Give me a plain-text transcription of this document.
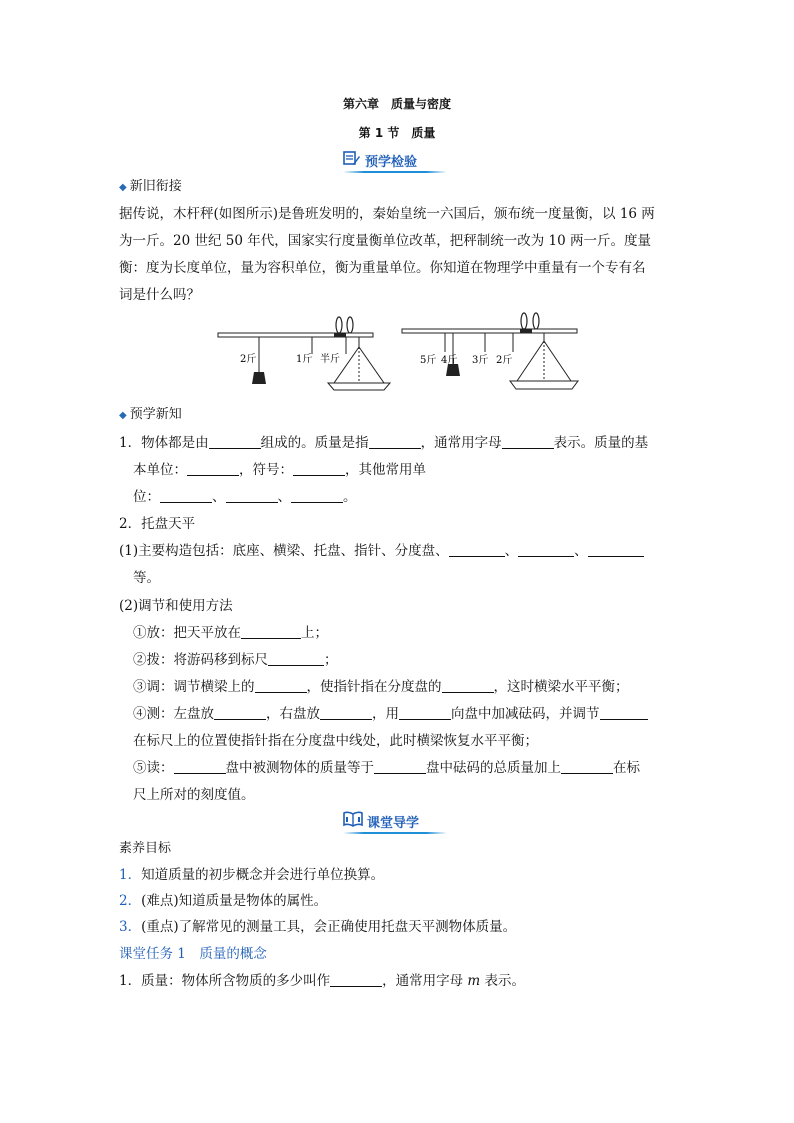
第六章　质量与密度
第 1 节　质量
预学检验
◆ 新旧衔接
据传说，木杆秤(如图所示)是鲁班发明的，秦始皇统一六国后，颁布统一度量衡，以 16 两
为一斤。20 世纪 50 年代，国家实行度量衡单位改革，把秤制统一改为 10 两一斤。度量
衡：度为长度单位，量为容积单位，衡为重量单位。你知道在物理学中重量有一个专有名
词是什么吗？
2斤	1斤 半斤	5斤 4斤 3斤 2斤
◆ 预学新知
1．物体都是由	组成的。质量是指	，通常用字母	表示。质量的基
本单位：	，符号：	，其他常用单
位：	、	、	。
2．托盘天平
(1)主要构造包括：底座、横梁、托盘、指针、分度盘、	、	、
等。
(2)调节和使用方法
①放：把天平放在	上；
②拨：将游码移到标尺	；
③调：调节横梁上的	，使指针指在分度盘的	，这时横梁水平平衡；
④测：左盘放	，右盘放	，用	向盘中加减砝码，并调节
在标尺上的位置使指针指在分度盘中线处，此时横梁恢复水平平衡；
⑤读：	盘中被测物体的质量等于	盘中砝码的总质量加上	在标
尺上所对的刻度值。
课堂导学
素养目标
1．知道质量的初步概念并会进行单位换算。
2．(难点)知道质量是物体的属性。
3．(重点)了解常见的测量工具，会正确使用托盘天平测物体质量。
课堂任务 1　质量的概念
1．质量：物体所含物质的多少叫作	，通常用字母 m 表示。
